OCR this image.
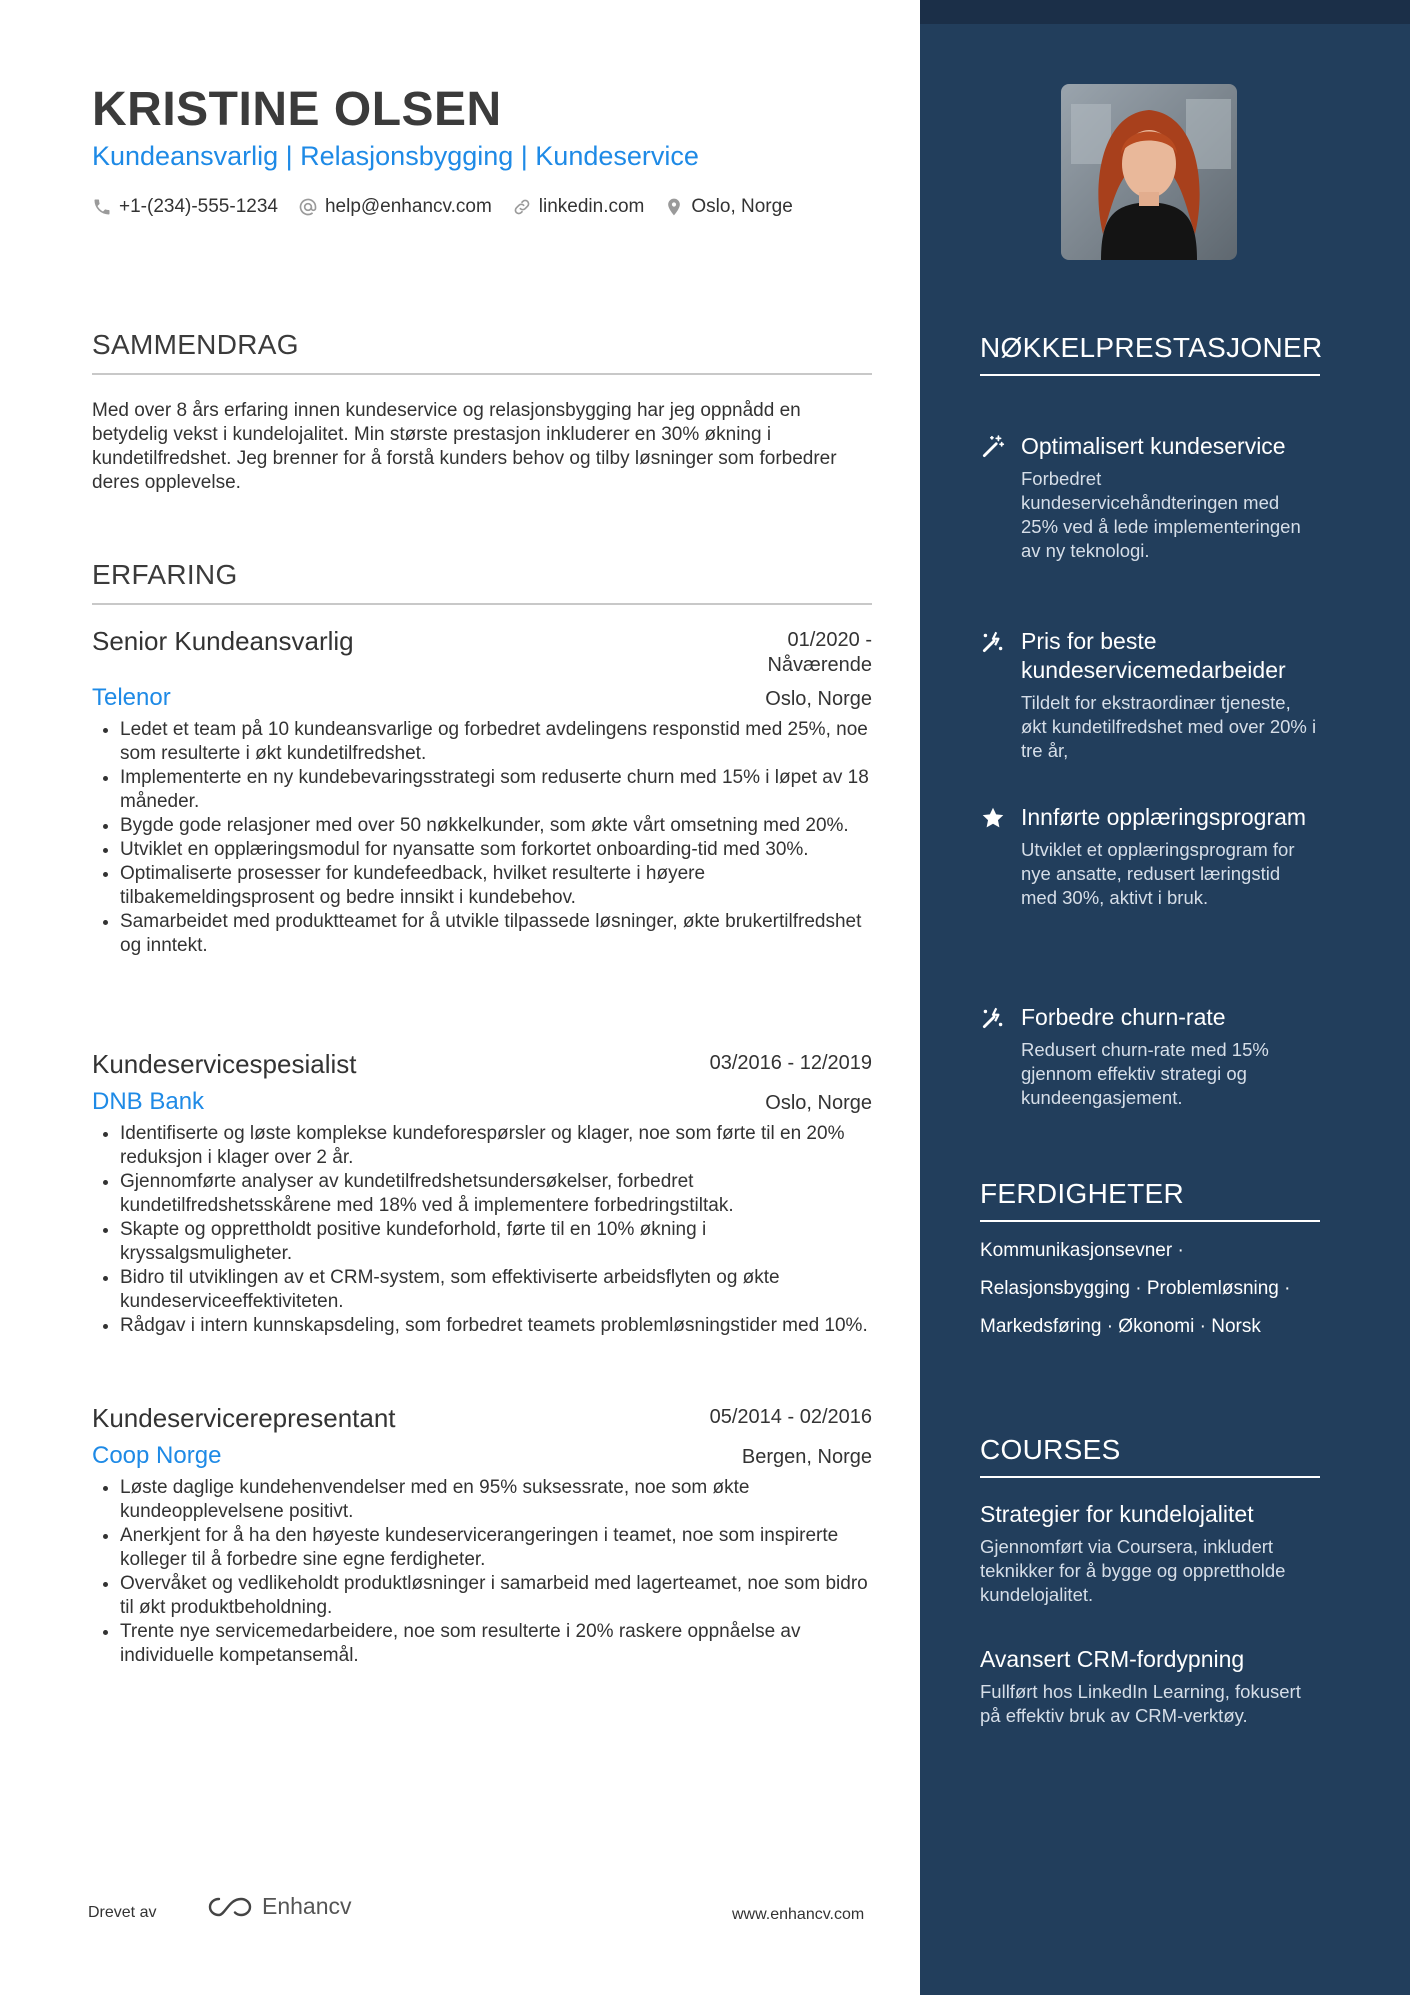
KRISTINE OLSEN
Kundeansvarlig | Relasjonsbygging | Kundeservice
+1-(234)-555-1234 help@enhancv.com linkedin.com Oslo, Norge
SAMMENDRAG

Med over 8 års erfaring innen kundeservice og relasjonsbygging har jeg oppnådd en betydelig vekst i kundelojalitet. Min største prestasjon inkluderer en 30% økning i kundetilfredshet. Jeg brenner for å forstå kunders behov og tilby løsninger som forbedrer deres opplevelse.

ERFARING
Senior Kundeansvarlig	01/2020 - Nåværende
Telenor	Oslo, Norge
• Ledet et team på 10 kundeansvarlige og forbedret avdelingens responstid med 25%, noe som resulterte i økt kundetilfredshet.
• Implementerte en ny kundebevaringsstrategi som reduserte churn med 15% i løpet av 18 måneder.
• Bygde gode relasjoner med over 50 nøkkelkunder, som økte vårt omsetning med 20%.
• Utviklet en opplæringsmodul for nyansatte som forkortet onboarding-tid med 30%.
• Optimaliserte prosesser for kundefeedback, hvilket resulterte i høyere tilbakemeldingsprosent og bedre innsikt i kundebehov.
• Samarbeidet med produktteamet for å utvikle tilpassede løsninger, økte brukertilfredshet og inntekt.
Kundeservicespesialist	03/2016 - 12/2019
DNB Bank	Oslo, Norge
• Identifiserte og løste komplekse kundeforespørsler og klager, noe som førte til en 20% reduksjon i klager over 2 år.
• Gjennomførte analyser av kundetilfredshetsundersøkelser, forbedret kundetilfredshetsskårene med 18% ved å implementere forbedringstiltak.
• Skapte og opprettholdt positive kundeforhold, førte til en 10% økning i kryssalgsmuligheter.
• Bidro til utviklingen av et CRM-system, som effektiviserte arbeidsflyten og økte kundeserviceeffektiviteten.
• Rådgav i intern kunnskapsdeling, som forbedret teamets problemløsningstider med 10%.
Kundeservicerepresentant	05/2014 - 02/2016
Coop Norge	Bergen, Norge
• Løste daglige kundehenvendelser med en 95% suksessrate, noe som økte kundeopplevelsene positivt.
• Anerkjent for å ha den høyeste kundeservicerangeringen i teamet, noe som inspirerte kolleger til å forbedre sine egne ferdigheter.
• Overvåket og vedlikeholdt produktløsninger i samarbeid med lagerteamet, noe som bidro til økt produktbeholdning.
• Trente nye servicemedarbeidere, noe som resulterte i 20% raskere oppnåelse av individuelle kompetansemål.
Drevet av	Enhancv	www.enhancv.com
NØKKELPRESTASJONER
Optimalisert kundeservice
Forbedret kundeservicehåndteringen med 25% ved å lede implementeringen av ny teknologi.
Pris for beste kundeservicemedarbeider
Tildelt for ekstraordinær tjeneste, økt kundetilfredshet med over 20% i tre år,
Innførte opplæringsprogram
Utviklet et opplæringsprogram for nye ansatte, redusert læringstid med 30%, aktivt i bruk.
Forbedre churn-rate
Redusert churn-rate med 15% gjennom effektiv strategi og kundeengasjement.
FERDIGHETER
Kommunikasjonsevner ·
Relasjonsbygging · Problemløsning ·
Markedsføring · Økonomi · Norsk
COURSES
Strategier for kundelojalitet
Gjennomført via Coursera, inkludert teknikker for å bygge og opprettholde kundelojalitet.
Avansert CRM-fordypning
Fullført hos LinkedIn Learning, fokusert på effektiv bruk av CRM-verktøy.
